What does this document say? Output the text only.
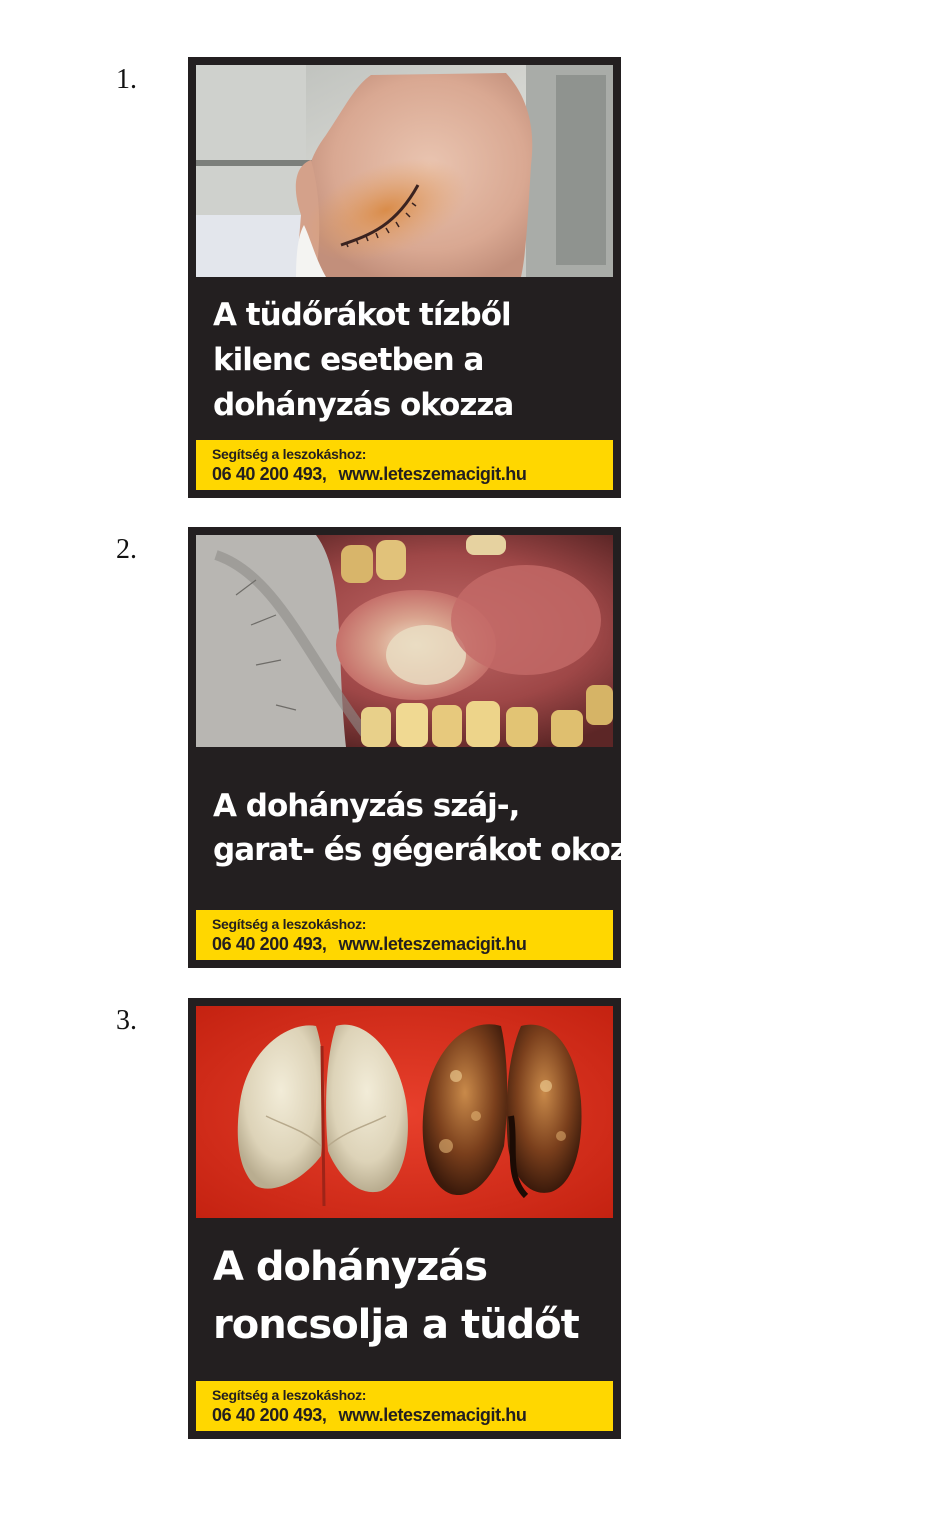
1.
A tüdőrákot tízből
kilenc esetben a
dohányzás okozza
Segítség a leszokáshoz:
06 40 200 493, www.leteszemacigit.hu
2.
A dohányzás száj-,
garat- és gégerákot okoz
Segítség a leszokáshoz:
06 40 200 493, www.leteszemacigit.hu
3.
A dohányzás
roncsolja a tüdőt
Segítség a leszokáshoz:
06 40 200 493, www.leteszemacigit.hu
